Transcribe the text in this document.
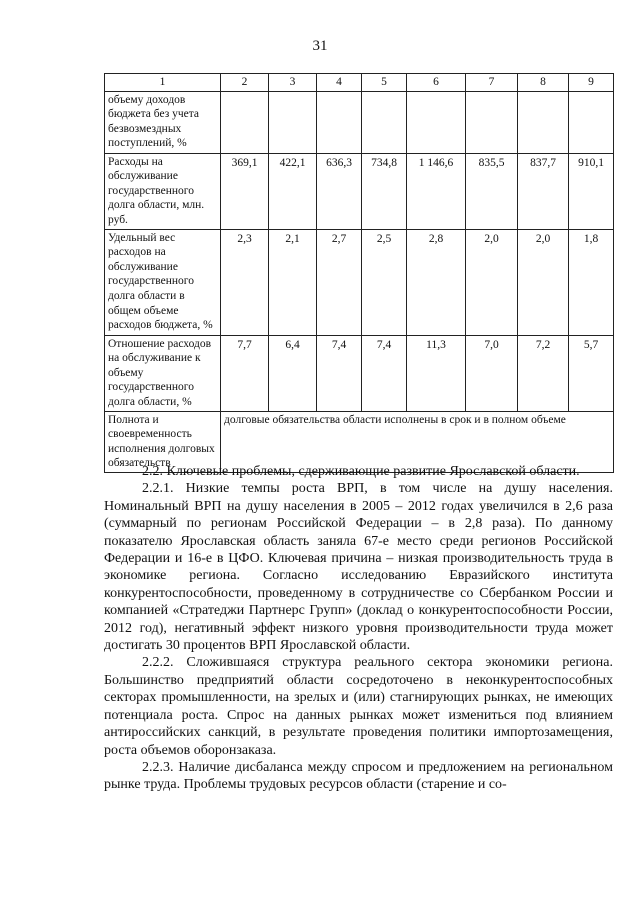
31
1	2	3	4	5	6	7	8	9
объему доходов бюджета без учета безвозмездных поступлений, %								
Расходы на обслуживание государственного долга области, млн. руб.	369,1	422,1	636,3	734,8	1 146,6	835,5	837,7	910,1
Удельный вес расходов на обслуживание государственного долга области в общем объеме расходов бюджета, %	2,3	2,1	2,7	2,5	2,8	2,0	2,0	1,8
Отношение расходов на обслуживание к объему государственного долга области, %	7,7	6,4	7,4	7,4	11,3	7,0	7,2	5,7
Полнота и своевременность исполнения долговых обязательств	долговые обязательства области исполнены в срок и в полном объеме							

2.2. Ключевые проблемы, сдерживающие развитие Ярославской области.

2.2.1. Низкие темпы роста ВРП, в том числе на душу населения. Номинальный ВРП на душу населения в 2005 – 2012 годах увеличился в 2,6 раза (суммарный по регионам Российской Федерации – в 2,8 раза). По данному показателю Ярославская область заняла 67-е место среди регионов Российской Федерации и 16-е в ЦФО. Ключевая причина – низкая производительность труда в экономике региона. Согласно исследованию Евразийского института конкурентоспособности, проведенному в сотрудничестве со Сбербанком России и компанией «Стратеджи Партнерс Групп» (доклад о конкурентоспособности России, 2012 год), негативный эффект низкого уровня производительности труда может достигать 30 процентов ВРП Ярославской области.

2.2.2. Сложившаяся структура реального сектора экономики региона. Большинство предприятий области сосредоточено в неконкурентоспособных секторах промышленности, на зрелых и (или) стагнирующих рынках, не имеющих потенциала роста. Спрос на данных рынках может измениться под влиянием антироссийских санкций, в результате проведения политики импортозамещения, роста объемов оборонзаказа.

2.2.3. Наличие дисбаланса между спросом и предложением на региональном рынке труда. Проблемы трудовых ресурсов области (старение и со-
